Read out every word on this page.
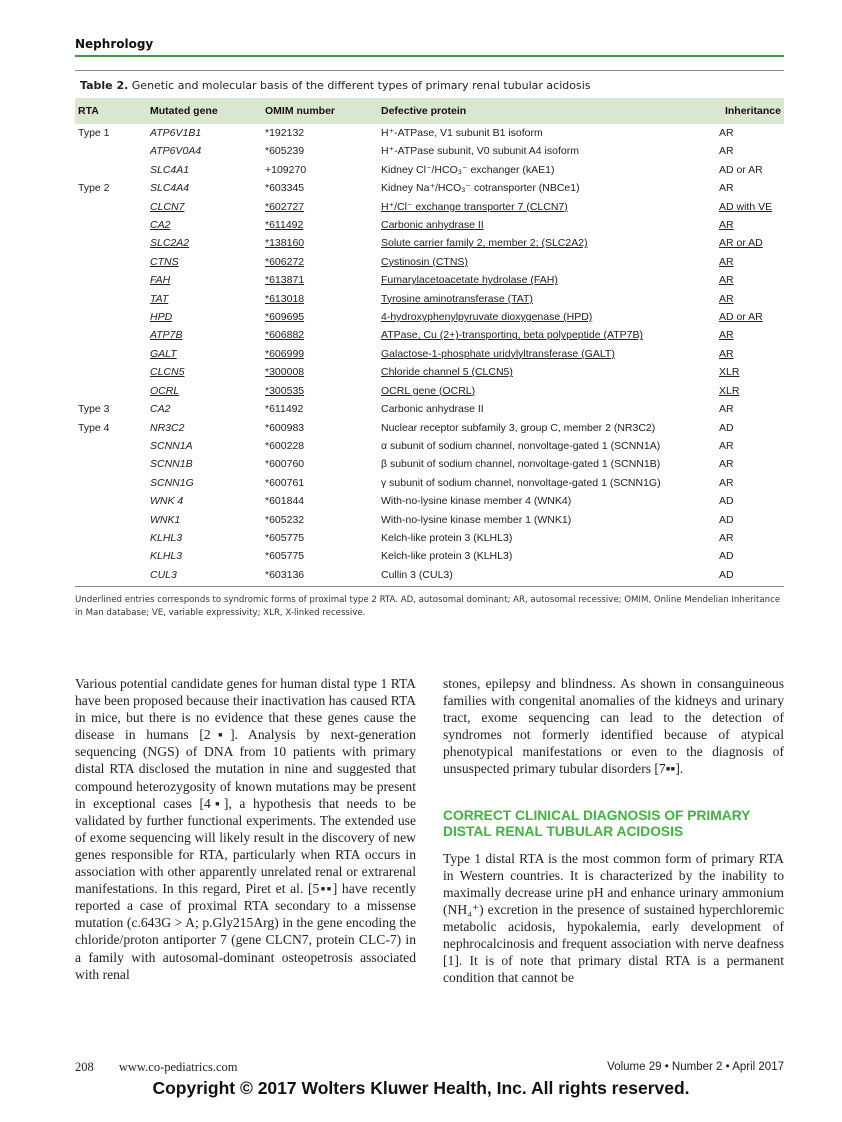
Nephrology
Table 2. Genetic and molecular basis of the different types of primary renal tubular acidosis
RTA	Mutated gene	OMIM number	Defective protein	Inheritance
Type 1	ATP6V1B1	*192132	H⁺-ATPase, V1 subunit B1 isoform	AR
	ATP6V0A4	*605239	H⁺-ATPase subunit, V0 subunit A4 isoform	AR
	SLC4A1	+109270	Kidney Cl⁻/HCO₃⁻ exchanger (kAE1)	AD or AR
Type 2	SLC4A4	*603345	Kidney Na⁺/HCO₃⁻ cotransporter (NBCe1)	AR
	CLCN7	*602727	H⁺/Cl⁻ exchange transporter 7 (CLCN7)	AD with VE
	CA2	*611492	Carbonic anhydrase II	AR
	SLC2A2	*138160	Solute carrier family 2, member 2; (SLC2A2)	AR or AD
	CTNS	*606272	Cystinosin (CTNS)	AR
	FAH	*613871	Fumarylacetoacetate hydrolase (FAH)	AR
	TAT	*613018	Tyrosine aminotransferase (TAT)	AR
	HPD	*609695	4-hydroxyphenylpyruvate dioxygenase (HPD)	AD or AR
	ATP7B	*606882	ATPase, Cu (2+)-transporting, beta polypeptide (ATP7B)	AR
	GALT	*606999	Galactose-1-phosphate uridylyltransferase (GALT)	AR
	CLCN5	*300008	Chloride channel 5 (CLCN5)	XLR
	OCRL	*300535	OCRL gene (OCRL)	XLR
Type 3	CA2	*611492	Carbonic anhydrase II	AR
Type 4	NR3C2	*600983	Nuclear receptor subfamily 3, group C, member 2 (NR3C2)	AD
	SCNN1A	*600228	α subunit of sodium channel, nonvoltage-gated 1 (SCNN1A)	AR
	SCNN1B	*600760	β subunit of sodium channel, nonvoltage-gated 1 (SCNN1B)	AR
	SCNN1G	*600761	γ subunit of sodium channel, nonvoltage-gated 1 (SCNN1G)	AR
	WNK 4	*601844	With-no-lysine kinase member 4 (WNK4)	AD
	WNK1	*605232	With-no-lysine kinase member 1 (WNK1)	AD
	KLHL3	*605775	Kelch-like protein 3 (KLHL3)	AR
	KLHL3	*605775	Kelch-like protein 3 (KLHL3)	AD
	CUL3	*603136	Cullin 3 (CUL3)	AD
Underlined entries corresponds to syndromic forms of proximal type 2 RTA. AD, autosomal dominant; AR, autosomal recessive; OMIM, Online Mendelian Inheritance in Man database; VE, variable expressivity; XLR, X-linked recessive.

Various potential candidate genes for human distal type 1 RTA have been proposed because their inactivation has caused RTA in mice, but there is no evidence that these genes cause the disease in humans [2▪]. Analysis by next-generation sequencing (NGS) of DNA from 10 patients with primary distal RTA disclosed the mutation in nine and suggested that compound heterozygosity of known mutations may be present in exceptional cases [4▪], a hypothesis that needs to be validated by further functional experiments. The extended use of exome sequencing will likely result in the discovery of new genes responsible for RTA, particularly when RTA occurs in association with other apparently unrelated renal or extrarenal manifestations. In this regard, Piret et al. [5▪▪] have recently reported a case of proximal RTA secondary to a missense mutation (c.643G > A; p.Gly215Arg) in the gene encoding the chloride/proton antiporter 7 (gene CLCN7, protein CLC-7) in a family with autosomal-dominant osteopetrosis associated with renal

stones, epilepsy and blindness. As shown in consanguineous families with congenital anomalies of the kidneys and urinary tract, exome sequencing can lead to the detection of syndromes not formerly identified because of atypical phenotypical manifestations or even to the diagnosis of unsuspected primary tubular disorders [7▪▪].

CORRECT CLINICAL DIAGNOSIS OF PRIMARY DISTAL RENAL TUBULAR ACIDOSIS

Type 1 distal RTA is the most common form of primary RTA in Western countries. It is characterized by the inability to maximally decrease urine pH and enhance urinary ammonium (NH₄⁺) excretion in the presence of sustained hyperchloremic metabolic acidosis, hypokalemia, early development of nephrocalcinosis and frequent association with nerve deafness [1]. It is of note that primary distal RTA is a permanent condition that cannot be

208 www.co-pediatrics.com	Volume 29 • Number 2 • April 2017
Copyright © 2017 Wolters Kluwer Health, Inc. All rights reserved.
